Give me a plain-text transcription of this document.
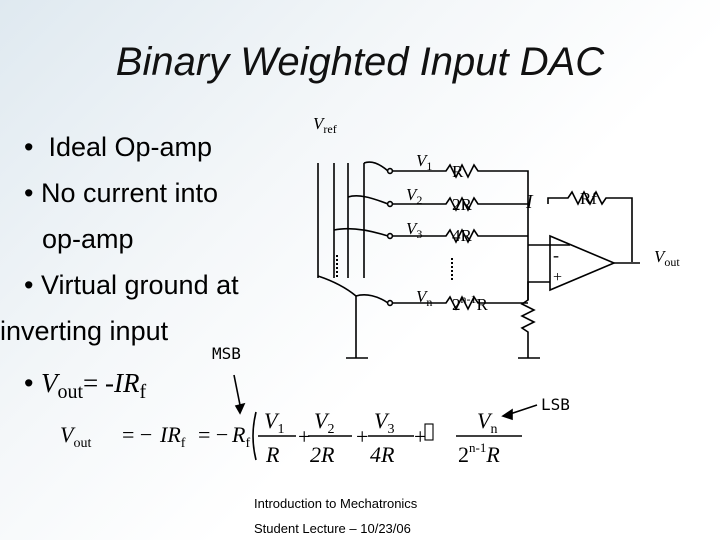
Binary Weighted Input DAC
•  Ideal Op-amp
• No current into
op-amp
• Virtual ground at
inverting input
• $V_{out}= -IR_f$
MSB
LSB
$V_{ref}$
$V_1$ R
$V_2$ 2R
$V_3$ 4R
$V_n$ 2$^{n-1}$R
I	Rf
-
+
$V_{out}$
$V_{out}$ = − $IR_f$ = − $R_f$
$V_1$
R
+
$V_2$
2R
+
$V_3$
4R
+
$V_n$
2$^{n-1}$R
Introduction to Mechatronics
Student Lecture – 10/23/06
